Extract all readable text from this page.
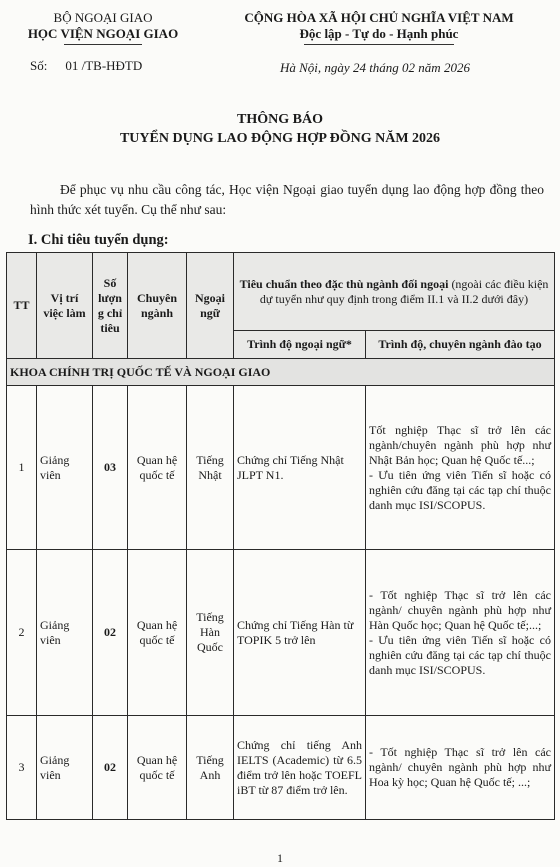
BỘ NGOẠI GIAO
HỌC VIỆN NGOẠI GIAO
CỘNG HÒA XÃ HỘI CHỦ NGHĨA VIỆT NAM
Độc lập - Tự do - Hạnh phúc
Số: 01 /TB-HĐTD	Hà Nội, ngày 24 tháng 02 năm 2026
THÔNG BÁO
TUYỂN DỤNG LAO ĐỘNG HỢP ĐỒNG NĂM 2026
Để phục vụ nhu cầu công tác, Học viện Ngoại giao tuyển dụng lao động hợp đồng theo hình thức xét tuyển. Cụ thể như sau:
I. Chỉ tiêu tuyển dụng:
TT	Vị trí việc làm	Số lượn g chỉ tiêu	Chuyên ngành	Ngoại ngữ	Tiêu chuẩn theo đặc thù ngành đối ngoại (ngoài các điều kiện dự tuyển như quy định trong điểm II.1 và II.2 dưới đây)	
					Trình độ ngoại ngữ*	Trình độ, chuyên ngành đào tạo
KHOA CHÍNH TRỊ QUỐC TẾ VÀ NGOẠI GIAO						
1	Giảng viên	03	Quan hệ quốc tế	Tiếng Nhật	Chứng chỉ Tiếng Nhật JLPT N1.	Tốt nghiệp Thạc sĩ trở lên các ngành/chuyên ngành phù hợp như Nhật Bản học; Quan hệ Quốc tế...;

- Ưu tiên ứng viên Tiến sĩ hoặc có nghiên cứu đăng tại các tạp chí thuộc danh mục ISI/SCOPUS.

2	Giảng viên	02	Quan hệ quốc tế	Tiếng Hàn Quốc	Chứng chỉ Tiếng Hàn từ TOPIK 5 trở lên	- Tốt nghiệp Thạc sĩ trở lên các ngành/ chuyên ngành phù hợp như Hàn Quốc học; Quan hệ Quốc tế;...;

- Ưu tiên ứng viên Tiến sĩ hoặc có nghiên cứu đăng tại các tạp chí thuộc danh mục ISI/SCOPUS.

3	Giảng viên	02	Quan hệ quốc tế	Tiếng Anh	Chứng chỉ tiếng Anh IELTS (Academic) từ 6.5 điểm trở lên hoặc TOEFL iBT từ 87 điểm trở lên.	- Tốt nghiệp Thạc sĩ trở lên các ngành/ chuyên ngành phù hợp như Hoa kỳ học; Quan hệ Quốc tế; ...;

1
